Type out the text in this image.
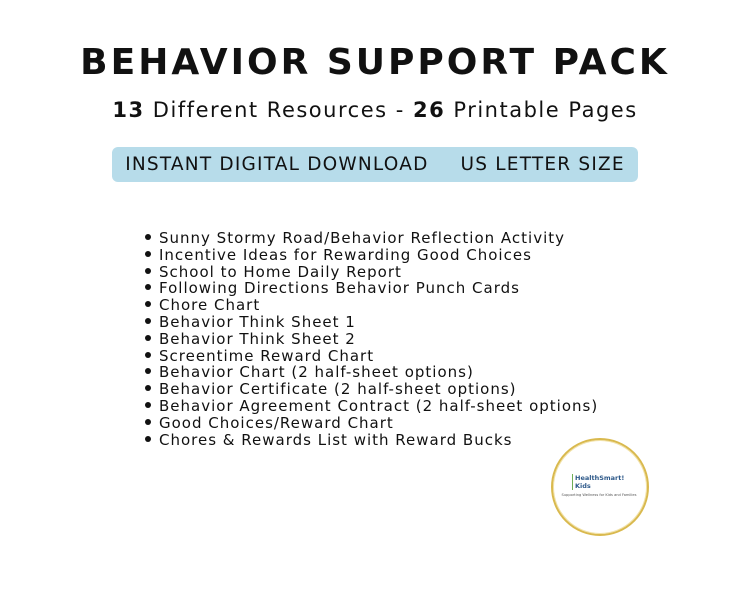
BEHAVIOR SUPPORT PACK
13 Different Resources - 26 Printable Pages
INSTANT DIGITAL DOWNLOAD US LETTER SIZE
Sunny Stormy Road/Behavior Reflection Activity
Incentive Ideas for Rewarding Good Choices
School to Home Daily Report
Following Directions Behavior Punch Cards
Chore Chart
Behavior Think Sheet 1
Behavior Think Sheet 2
Screentime Reward Chart
Behavior Chart (2 half-sheet options)
Behavior Certificate (2 half-sheet options)
Behavior Agreement Contract (2 half-sheet options)
Good Choices/Reward Chart
Chores & Rewards List with Reward Bucks
HealthSmart! Kids
Supporting Wellness for Kids and Families
